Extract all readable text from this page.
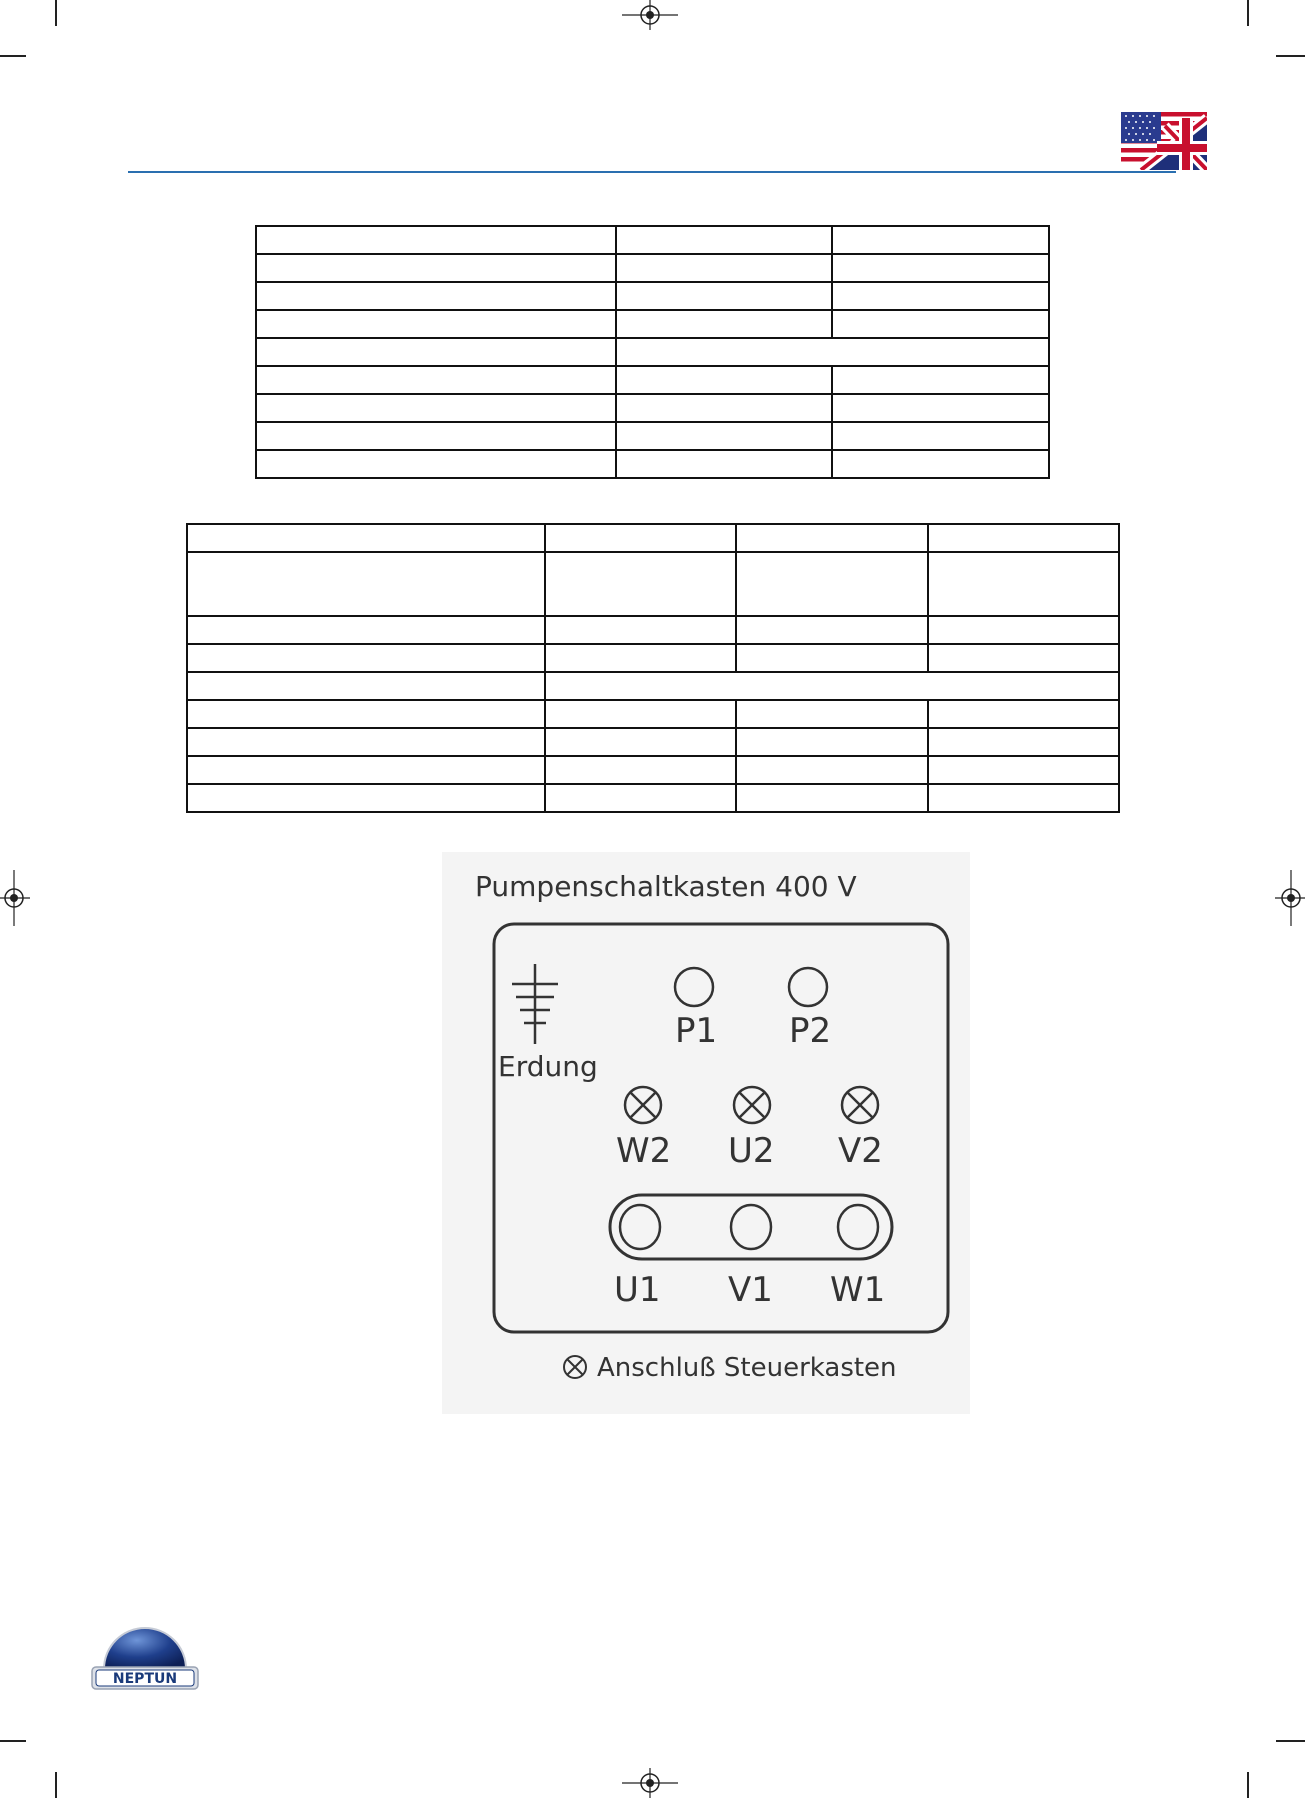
Pumpenschaltkasten 400 V
Erdung
P1 P2
W2 U2 V2
U1 V1 W1
Anschluß Steuerkasten
NEPTUN
